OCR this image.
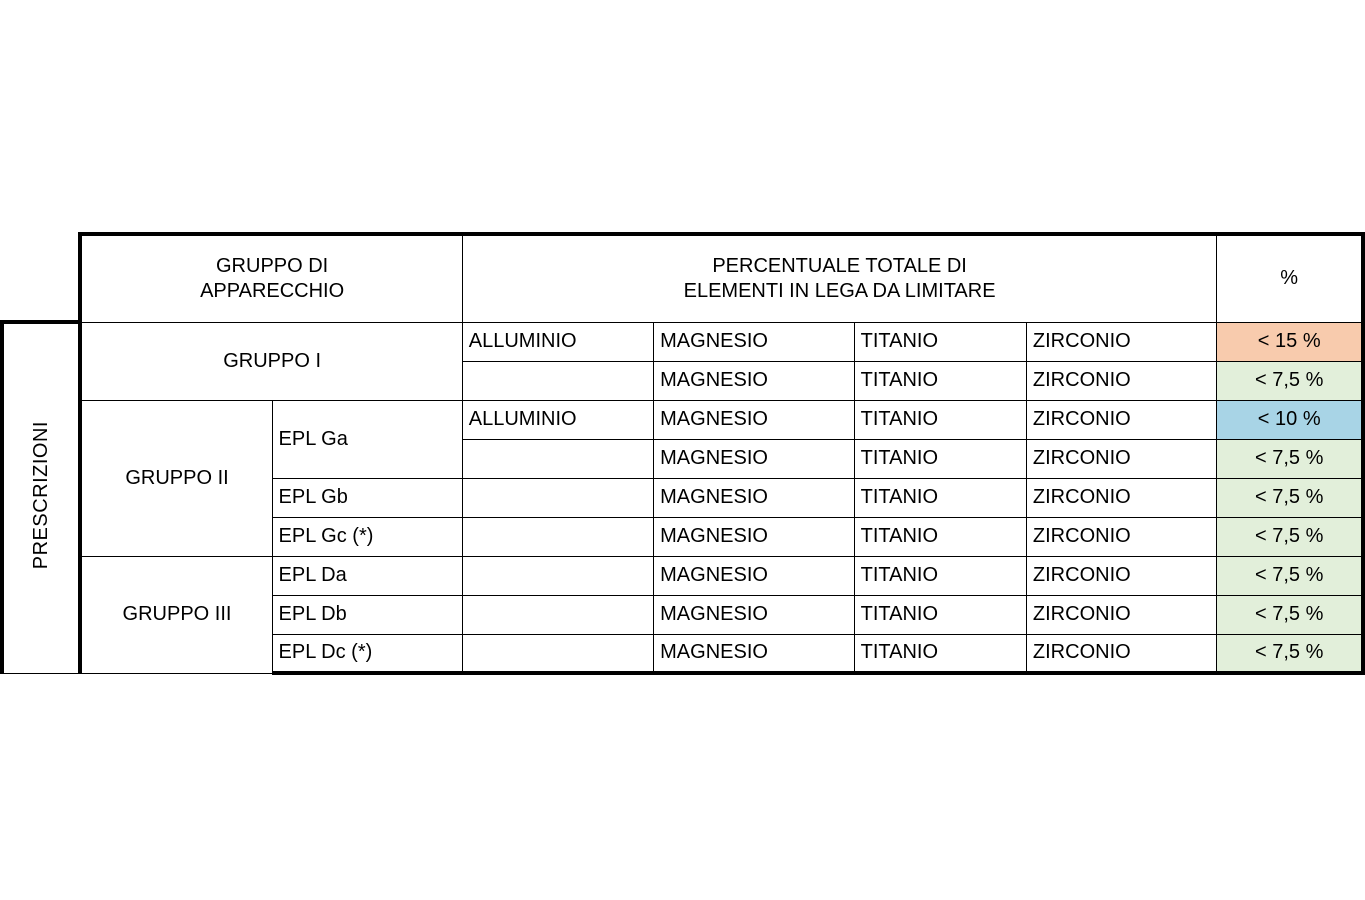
GRUPPO DI
APPARECCHIO

PERCENTUALE TOTALE DI
ELEMENTI IN LEGA DA LIMITARE
	%
PRESCRIZIONI	GRUPPO I		ALLUMINIO	MAGNESIO	TITANIO	ZIRCONIO	< 15 %
				MAGNESIO	TITANIO	ZIRCONIO	< 7,5 %
	GRUPPO II	EPL Ga	ALLUMINIO	MAGNESIO	TITANIO	ZIRCONIO	< 10 %
				MAGNESIO	TITANIO	ZIRCONIO	< 7,5 %
		EPL Gb		MAGNESIO	TITANIO	ZIRCONIO	< 7,5 %
		EPL Gc (*)		MAGNESIO	TITANIO	ZIRCONIO	< 7,5 %
	GRUPPO III	EPL Da		MAGNESIO	TITANIO	ZIRCONIO	< 7,5 %
		EPL Db		MAGNESIO	TITANIO	ZIRCONIO	< 7,5 %
		EPL Dc (*)		MAGNESIO	TITANIO	ZIRCONIO	< 7,5 %
